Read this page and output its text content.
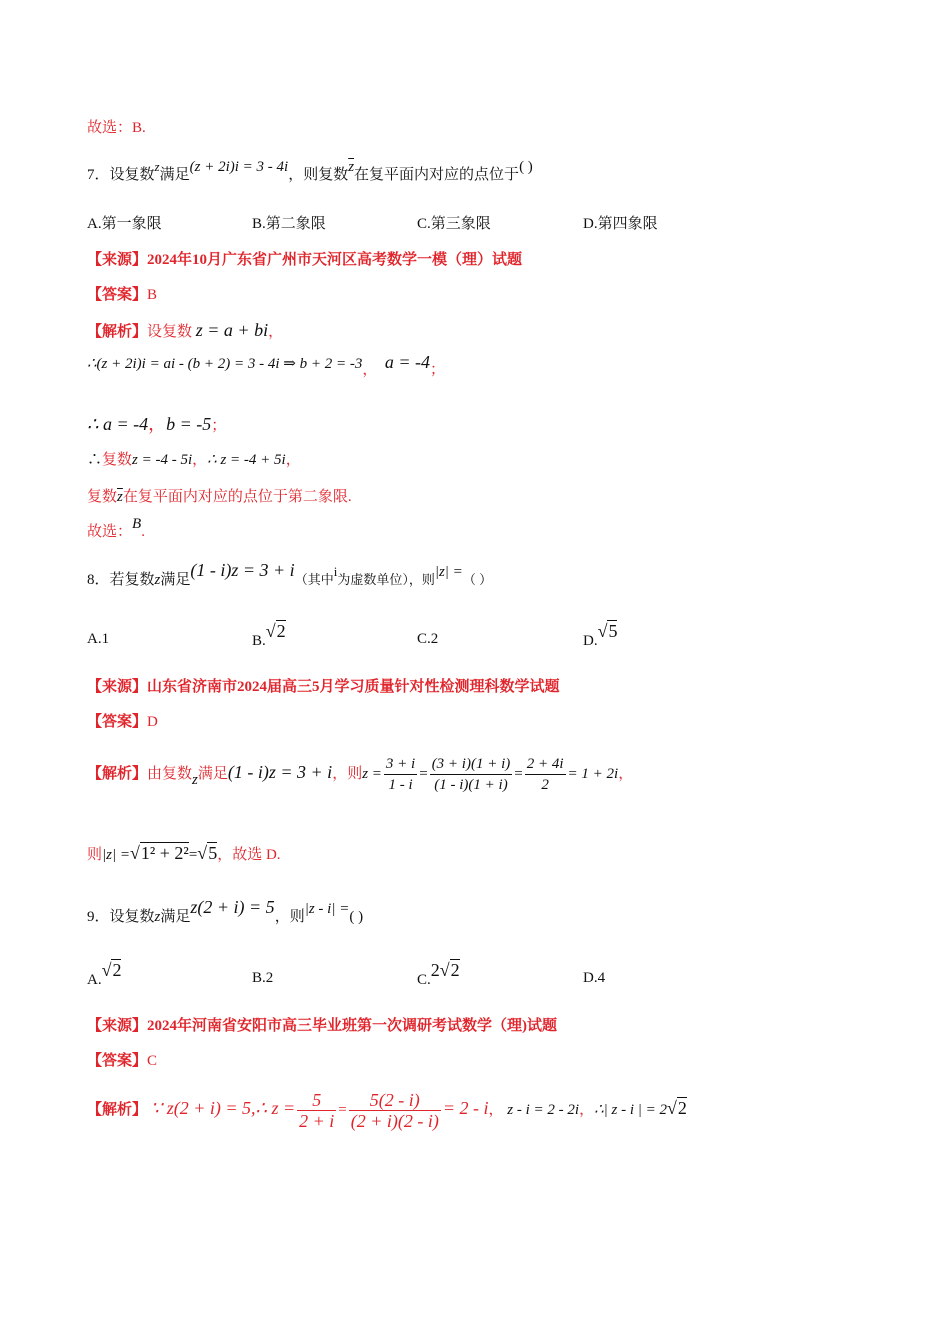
故选：B.
7．设复数z满足(z + 2i)i = 3 - 4i，则复数$\overline{z}$在复平面内对应的点位于( )
A.第一象限	B.第二象限	C.第三象限	D.第四象限
【来源】2024年10月广东省广州市天河区高考数学一模（理）试题
【答案】B
【解析】设复数 z = a + bi，
∴(z + 2i)i = ai - (b + 2) = 3 - 4i ⇒ b + 2 = -3， a = -4；
∴ a = -4，b = -5；
∴复数z = -4 - 5i，∴ z = -4 + 5i，
复数$\overline{z}$在复平面内对应的点位于第二象限.
故选：B.
8．若复数z满足(1 - i)z = 3 + i（其中i为虚数单位），则|z| =（ ）
A.1	B.√2	C.2	D.√5
【来源】山东省济南市2024届高三5月学习质量针对性检测理科数学试题
【答案】D
【解析】由复数z满足(1 - i)z = 3 + i，则$z = \frac{3 + i}{1 - i} = \frac{(3 + i)(1 + i)}{(1 - i)(1 + i)} = \frac{2 + 4i}{2} = 1 + 2i$，
则|z| =√1² + 2²=√5，故选 D.
9．设复数z满足z(2 + i) = 5，则|z - i| =( )
A.√2	B.2	C.2√2	D.4
【来源】2024年河南省安阳市高三毕业班第一次调研考试数学（理)试题
【答案】C
【解析】 ∵ z(2 + i) = 5,∴ $z = \frac{5}{2 + i} = \frac{5(2 - i)}{(2 + i)(2 - i)} = 2 - i$， z - i = 2 - 2i，∴| z - i | = 2√2
